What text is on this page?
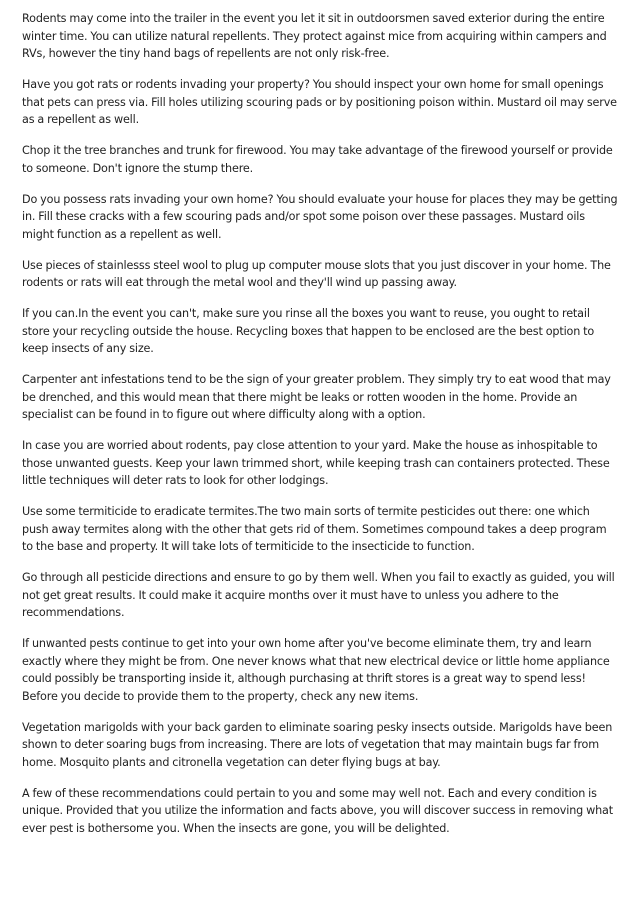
Rodents may come into the trailer in the event you let it sit in outdoorsmen saved exterior during the entire winter time. You can utilize natural repellents. They protect against mice from acquiring within campers and RVs, however the tiny hand bags of repellents are not only risk-free.

Have you got rats or rodents invading your property? You should inspect your own home for small openings that pets can press via. Fill holes utilizing scouring pads or by positioning poison within. Mustard oil may serve as a repellent as well.

Chop it the tree branches and trunk for firewood. You may take advantage of the firewood yourself or provide to someone. Don't ignore the stump there.

Do you possess rats invading your own home? You should evaluate your house for places they may be getting in. Fill these cracks with a few scouring pads and/or spot some poison over these passages. Mustard oils might function as a repellent as well.

Use pieces of stainlesss steel wool to plug up computer mouse slots that you just discover in your home. The rodents or rats will eat through the metal wool and they'll wind up passing away.

If you can.In the event you can't, make sure you rinse all the boxes you want to reuse, you ought to retail store your recycling outside the house. Recycling boxes that happen to be enclosed are the best option to keep insects of any size.

Carpenter ant infestations tend to be the sign of your greater problem. They simply try to eat wood that may be drenched, and this would mean that there might be leaks or rotten wooden in the home. Provide an specialist can be found in to figure out where difficulty along with a option.

In case you are worried about rodents, pay close attention to your yard. Make the house as inhospitable to those unwanted guests. Keep your lawn trimmed short, while keeping trash can containers protected. These little techniques will deter rats to look for other lodgings.

Use some termiticide to eradicate termites.The two main sorts of termite pesticides out there: one which push away termites along with the other that gets rid of them. Sometimes compound takes a deep program to the base and property. It will take lots of termiticide to the insecticide to function.

Go through all pesticide directions and ensure to go by them well. When you fail to exactly as guided, you will not get great results. It could make it acquire months over it must have to unless you adhere to the recommendations.

If unwanted pests continue to get into your own home after you've become eliminate them, try and learn exactly where they might be from. One never knows what that new electrical device or little home appliance could possibly be transporting inside it, although purchasing at thrift stores is a great way to spend less! Before you decide to provide them to the property, check any new items.

Vegetation marigolds with your back garden to eliminate soaring pesky insects outside. Marigolds have been shown to deter soaring bugs from increasing. There are lots of vegetation that may maintain bugs far from home. Mosquito plants and citronella vegetation can deter flying bugs at bay.

A few of these recommendations could pertain to you and some may well not. Each and every condition is unique. Provided that you utilize the information and facts above, you will discover success in removing what ever pest is bothersome you. When the insects are gone, you will be delighted.
